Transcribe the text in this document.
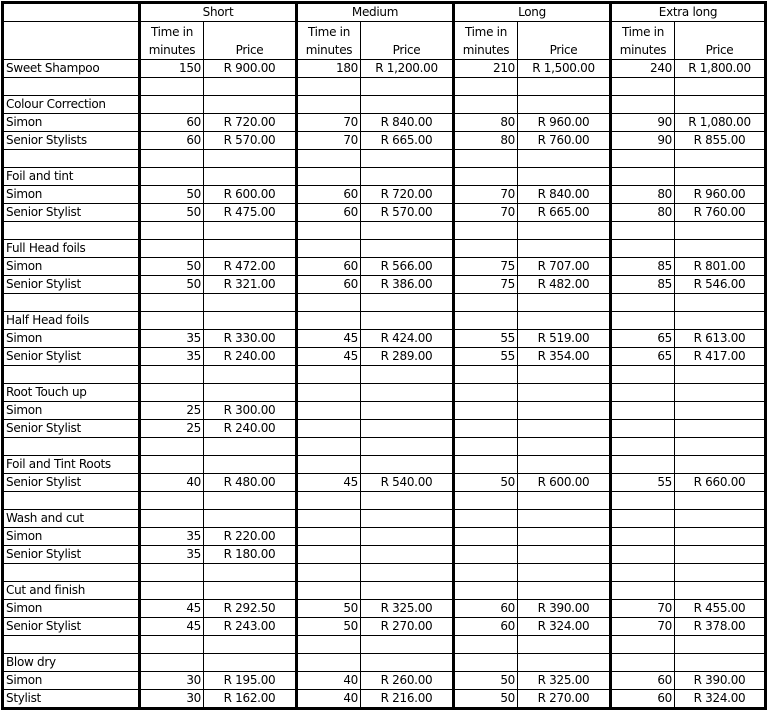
	Short		Medium		Long		Extra long	
	Time in minutes	Price	Time in minutes	Price	Time in minutes	Price	Time in minutes	Price
Sweet Shampoo	150	R 900.00	180	R 1,200.00	210	R 1,500.00	240	R 1,800.00

Colour Correction								
Simon	60	R 720.00	70	R 840.00	80	R 960.00	90	R 1,080.00
Senior Stylists	60	R 570.00	70	R 665.00	80	R 760.00	90	R 855.00

Foil and tint								
Simon	50	R 600.00	60	R 720.00	70	R 840.00	80	R 960.00
Senior Stylist	50	R 475.00	60	R 570.00	70	R 665.00	80	R 760.00

Full Head foils								
Simon	50	R 472.00	60	R 566.00	75	R 707.00	85	R 801.00
Senior Stylist	50	R 321.00	60	R 386.00	75	R 482.00	85	R 546.00

Half Head foils								
Simon	35	R 330.00	45	R 424.00	55	R 519.00	65	R 613.00
Senior Stylist	35	R 240.00	45	R 289.00	55	R 354.00	65	R 417.00

Root Touch up								
Simon	25	R 300.00						
Senior Stylist	25	R 240.00						

Foil and Tint Roots								
Senior Stylist	40	R 480.00	45	R 540.00	50	R 600.00	55	R 660.00

Wash and cut								
Simon	35	R 220.00						
Senior Stylist	35	R 180.00						

Cut and finish								
Simon	45	R 292.50	50	R 325.00	60	R 390.00	70	R 455.00
Senior Stylist	45	R 243.00	50	R 270.00	60	R 324.00	70	R 378.00

Blow dry								
Simon	30	R 195.00	40	R 260.00	50	R 325.00	60	R 390.00
Stylist	30	R 162.00	40	R 216.00	50	R 270.00	60	R 324.00
